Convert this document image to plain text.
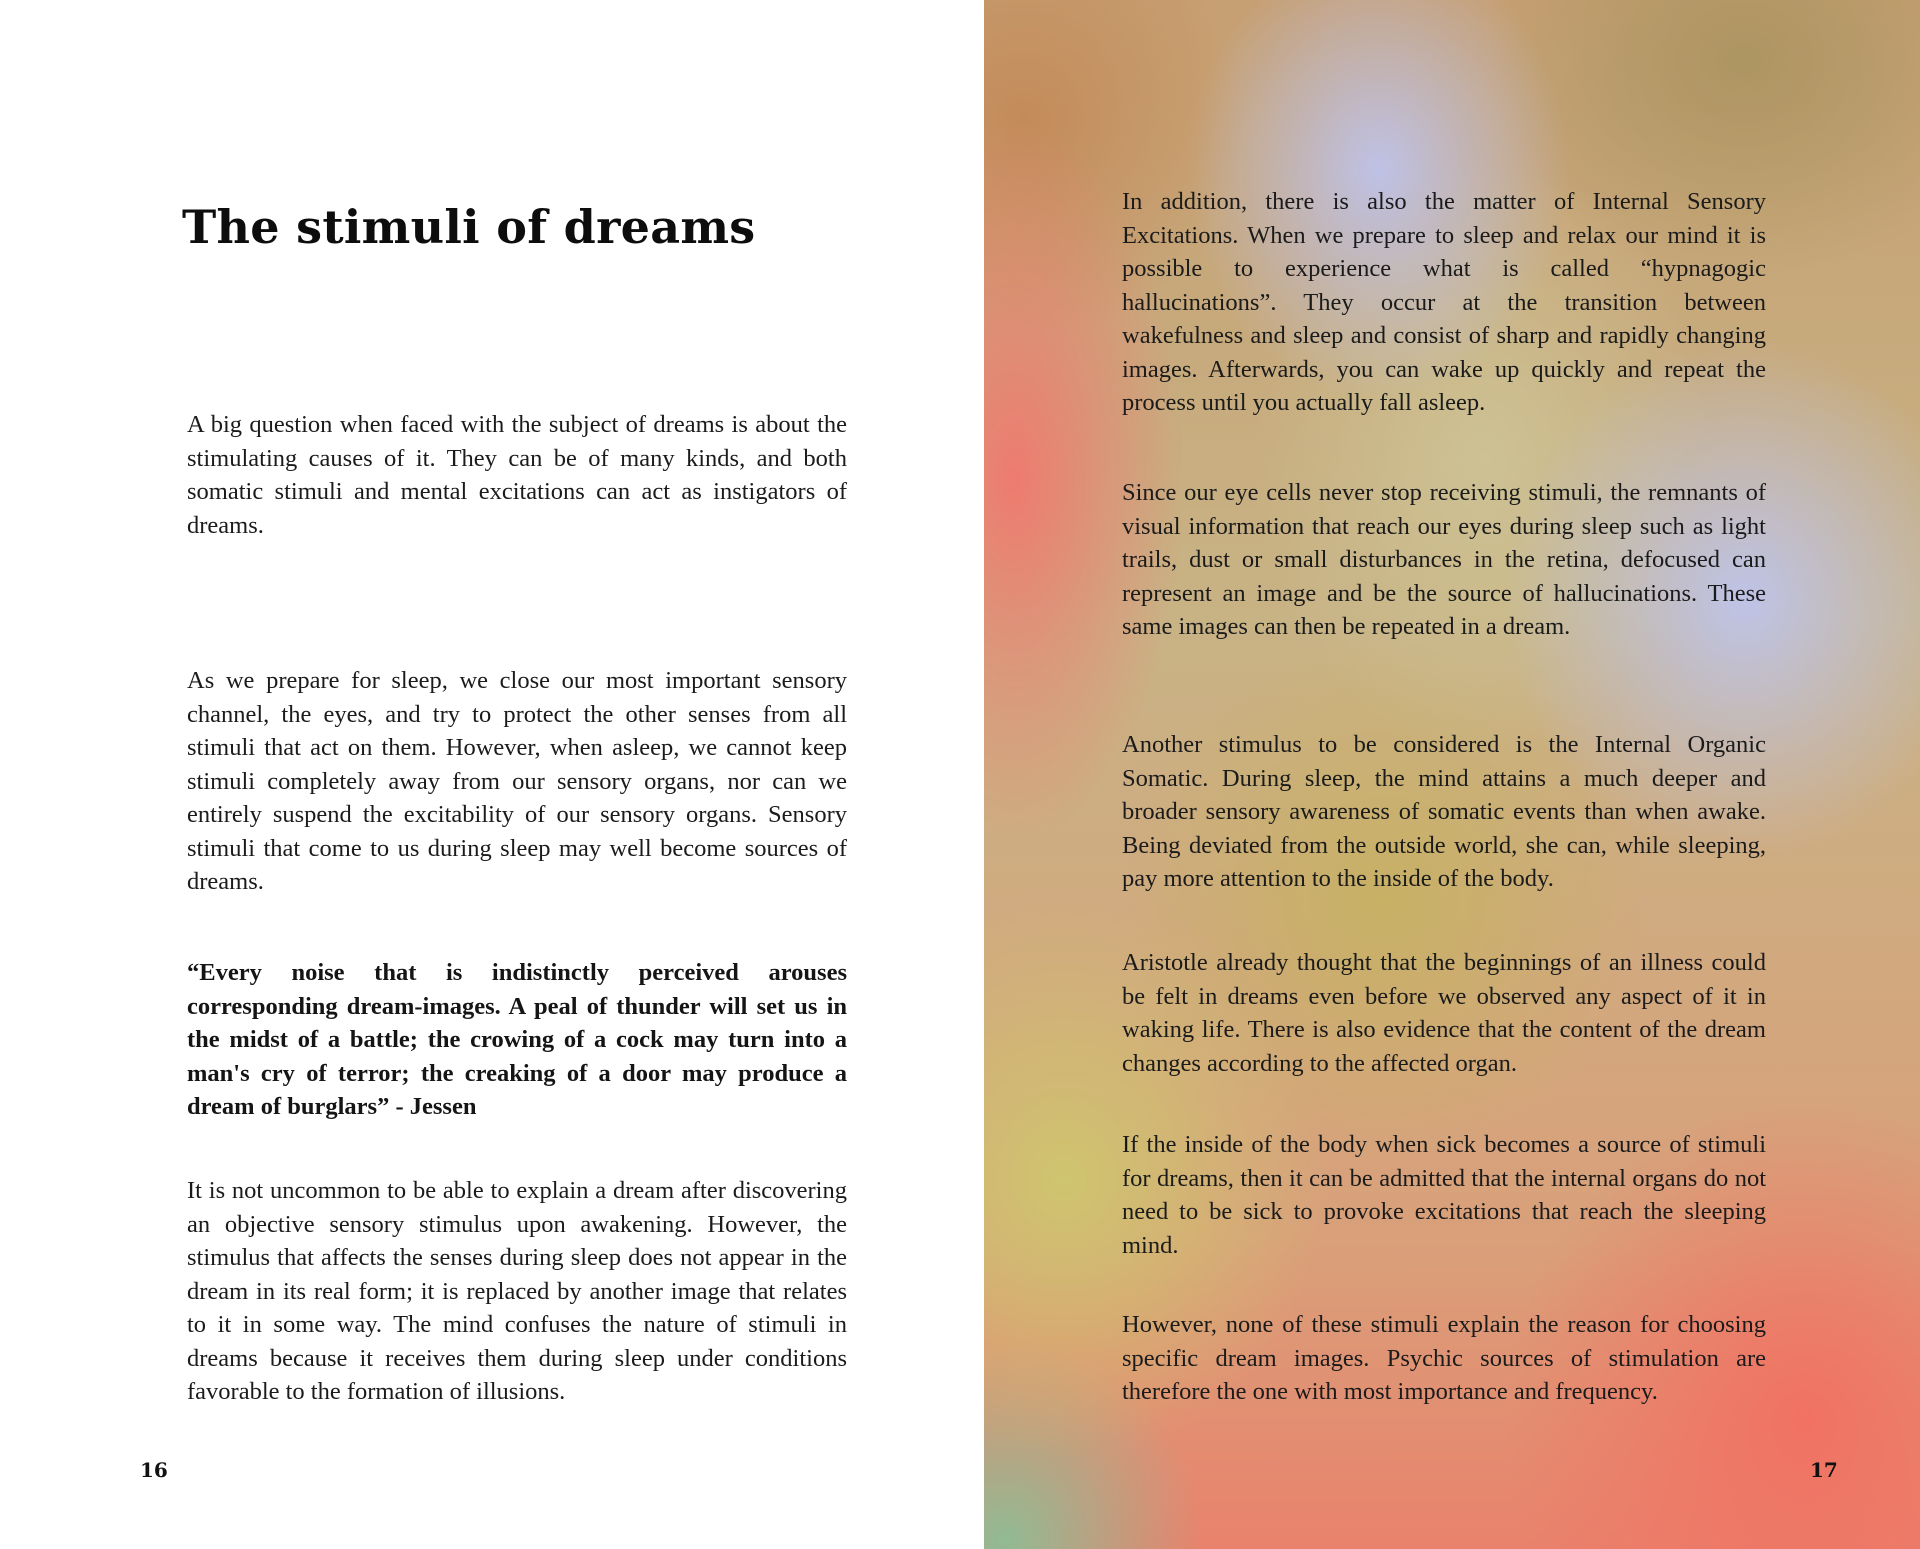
The stimuli of dreams

A big question when faced with the subject of dreams is about the stimulating causes of it. They can be of many kinds, and both somatic stimuli and mental excitations can act as instigators of dreams.

As we prepare for sleep, we close our most important sensory channel, the eyes, and try to protect the other senses from all stimuli that act on them. However, when asleep, we cannot keep stimuli completely away from our sensory organs, nor can we entirely suspend the excitability of our sensory organs. Sensory stimuli that come to us during sleep may well become sources of dreams.

“Every noise that is indistinctly perceived arouses corresponding dream-images. A peal of thunder will set us in the midst of a battle; the crowing of a cock may turn into a man's cry of terror; the creaking of a door may produce a dream of burglars” - Jessen

It is not uncommon to be able to explain a dream after discovering an objective sensory stimulus upon awakening. However, the stimulus that affects the senses during sleep does not appear in the dream in its real form; it is replaced by another image that relates to it in some way. The mind confuses the nature of stimuli in dreams because it receives them during sleep under conditions favorable to the formation of illusions.

16

In addition, there is also the matter of Internal Sensory Excitations. When we prepare to sleep and relax our mind it is possible to experience what is called “hypnagogic hallucinations”. They occur at the transition between wakefulness and sleep and consist of sharp and rapidly changing images. Afterwards, you can wake up quickly and repeat the process until you actually fall asleep.

Since our eye cells never stop receiving stimuli, the remnants of visual information that reach our eyes during sleep such as light trails, dust or small disturbances in the retina, defocused can represent an image and be the source of hallucinations. These same images can then be repeated in a dream.

Another stimulus to be considered is the Internal Organic Somatic. During sleep, the mind attains a much deeper and broader sensory awareness of somatic events than when awake. Being deviated from the outside world, she can, while sleeping, pay more attention to the inside of the body.

Aristotle already thought that the beginnings of an illness could be felt in dreams even before we observed any aspect of it in waking life. There is also evidence that the content of the dream changes according to the affected organ.

If the inside of the body when sick becomes a source of stimuli for dreams, then it can be admitted that the internal organs do not need to be sick to provoke excitations that reach the sleeping mind.

However, none of these stimuli explain the reason for choosing specific dream images. Psychic sources of stimulation are therefore the one with most importance and frequency.

17
